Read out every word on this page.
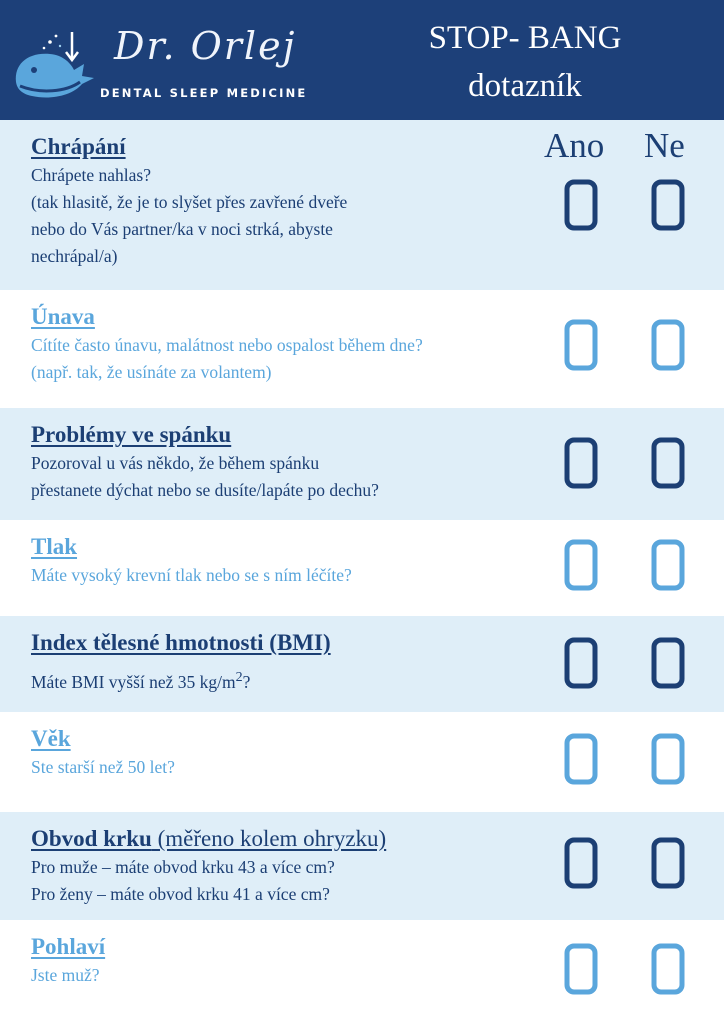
Dr. Orlej
DENTAL SLEEP MEDICINE
STOP- BANG
dotazník
Chrápání
Chrápete nahlas?
(tak hlasitě, že je to slyšet přes zavřené dveře
nebo do Vás partner/ka v noci strká, abyste
nechrápal/a)
Únava
Cítíte často únavu, malátnost nebo ospalost během dne?
(např. tak, že usínáte za volantem)
Problémy ve spánku
Pozoroval u vás někdo, že během spánku
přestanete dýchat nebo se dusíte/lapáte po dechu?
Tlak
Máte vysoký krevní tlak nebo se s ním léčíte?
Index tělesné hmotnosti (BMI)
Máte BMI vyšší než 35 $kg/m^2$?
Věk
Ste starší než 50 let?
Obvod krku (měřeno kolem ohryzku)
Pro muže – máte obvod krku 43 a více cm?
Pro ženy – máte obvod krku 41 a více cm?
Pohlaví
Jste muž?
Ano Ne
